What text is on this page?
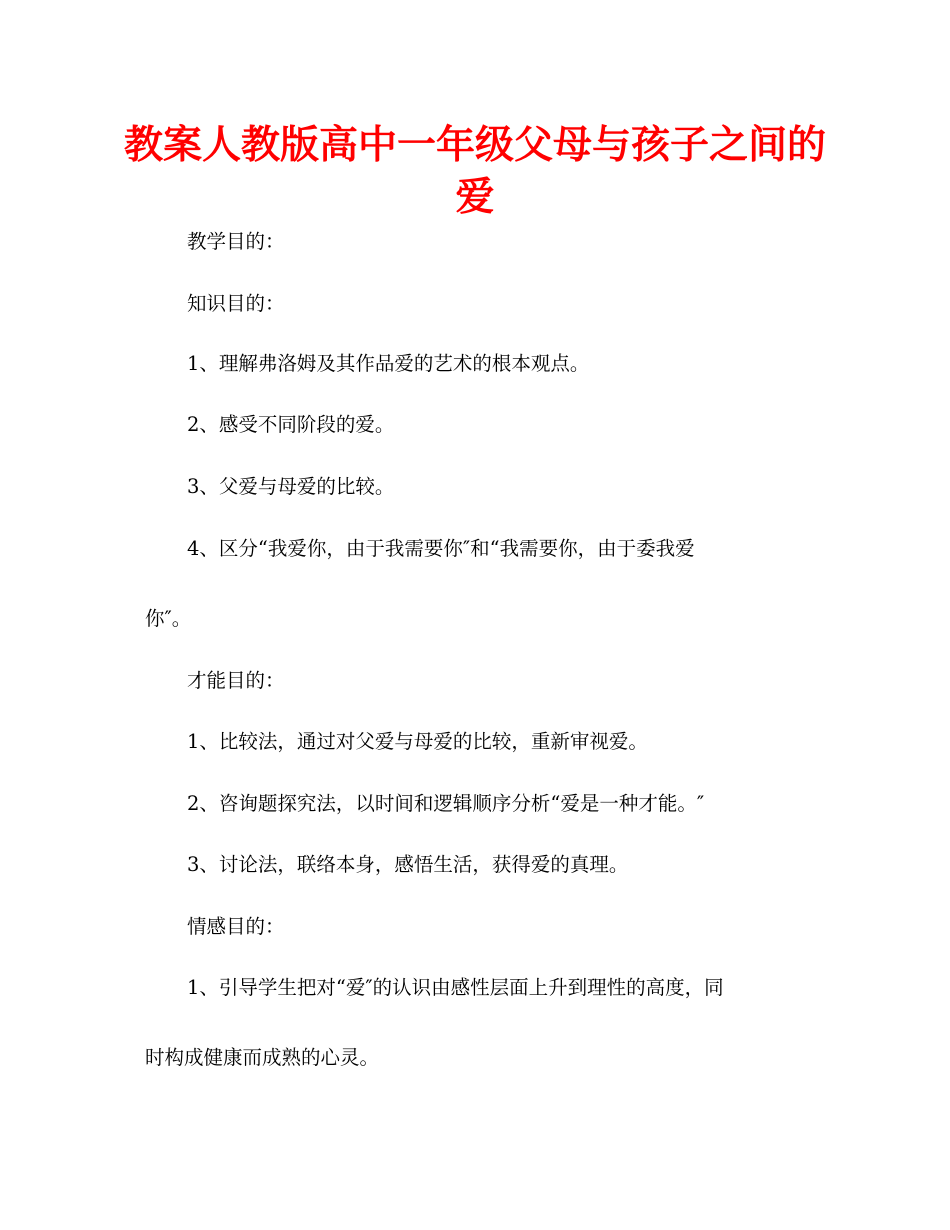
教案人教版高中一年级父母与孩子之间的爱

教学目的：

知识目的：

1、理解弗洛姆及其作品爱的艺术的根本观点。

2、感受不同阶段的爱。

3、父爱与母爱的比较。

4、区分“我爱你，由于我需要你″和“我需要你，由于委我爱

你″。

才能目的：

1、比较法，通过对父爱与母爱的比较，重新审视爱。

2、咨询题探究法，以时间和逻辑顺序分析“爱是一种才能。″

3、讨论法，联络本身，感悟生活，获得爱的真理。

情感目的：

1、引导学生把对“爱″的认识由感性层面上升到理性的高度，同

时构成健康而成熟的心灵。
